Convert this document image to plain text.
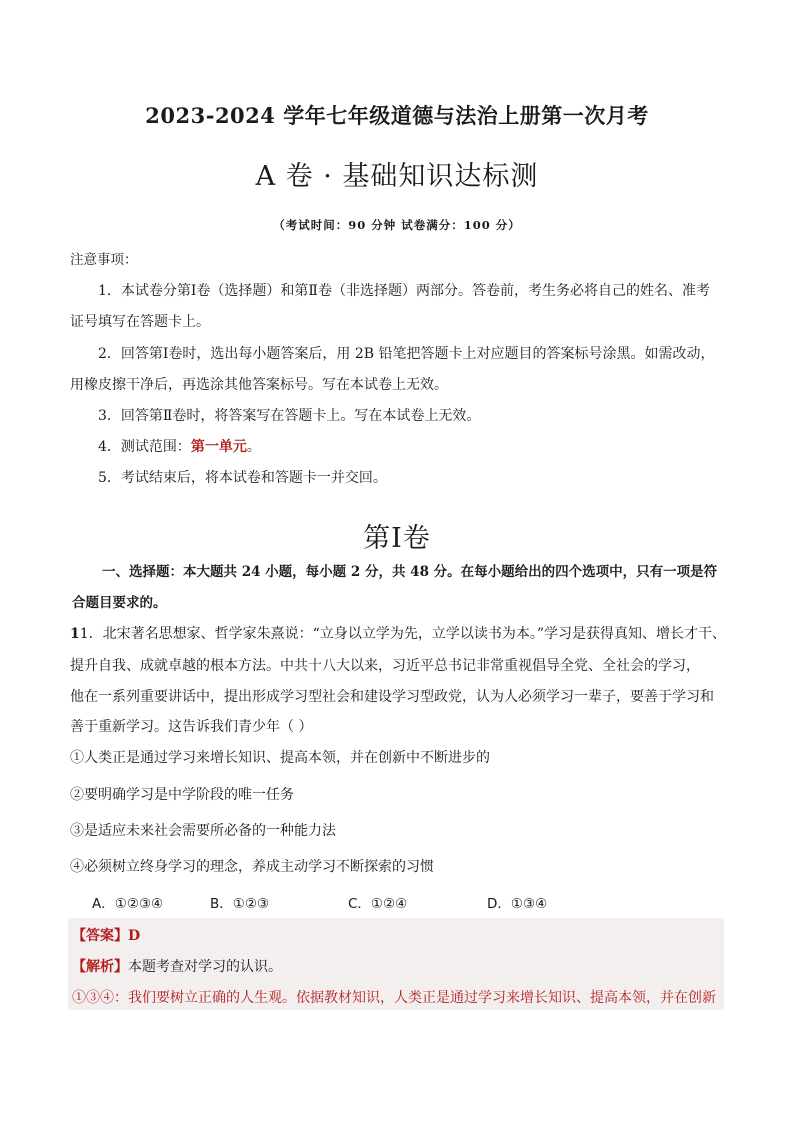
2023-2024 学年七年级道德与法治上册第一次月考
A 卷 · 基础知识达标测
（考试时间：90 分钟 试卷满分：100 分）
注意事项：
1．本试卷分第Ⅰ卷（选择题）和第Ⅱ卷（非选择题）两部分。答卷前，考生务必将自己的姓名、准考
证号填写在答题卡上。
2．回答第Ⅰ卷时，选出每小题答案后，用 2B 铅笔把答题卡上对应题目的答案标号涂黑。如需改动，
用橡皮擦干净后，再选涂其他答案标号。写在本试卷上无效。
3．回答第Ⅱ卷时，将答案写在答题卡上。写在本试卷上无效。
4．测试范围：第一单元。
5．考试结束后，将本试卷和答题卡一并交回。
第Ⅰ卷
一、选择题：本大题共 24 小题，每小题 2 分，共 48 分。在每小题给出的四个选项中，只有一项是符
合题目要求的。
11．北宋著名思想家、哲学家朱熹说：“立身以立学为先，立学以读书为本。”学习是获得真知、增长才干、
提升自我、成就卓越的根本方法。中共十八大以来，习近平总书记非常重视倡导全党、全社会的学习，
他在一系列重要讲话中，提出形成学习型社会和建设学习型政党，认为人必须学习一辈子，要善于学习和
善于重新学习。这告诉我们青少年（ ）
①人类正是通过学习来增长知识、提高本领，并在创新中不断进步的
②要明确学习是中学阶段的唯一任务
③是适应未来社会需要所必备的一种能力法
④必须树立终身学习的理念，养成主动学习不断探索的习惯
A．①②③④	B．①②③	C．①②④	D．①③④
【答案】D
【解析】本题考查对学习的认识。
①③④：我们要树立正确的人生观。依据教材知识，人类正是通过学习来增长知识、提高本领，并在创新
